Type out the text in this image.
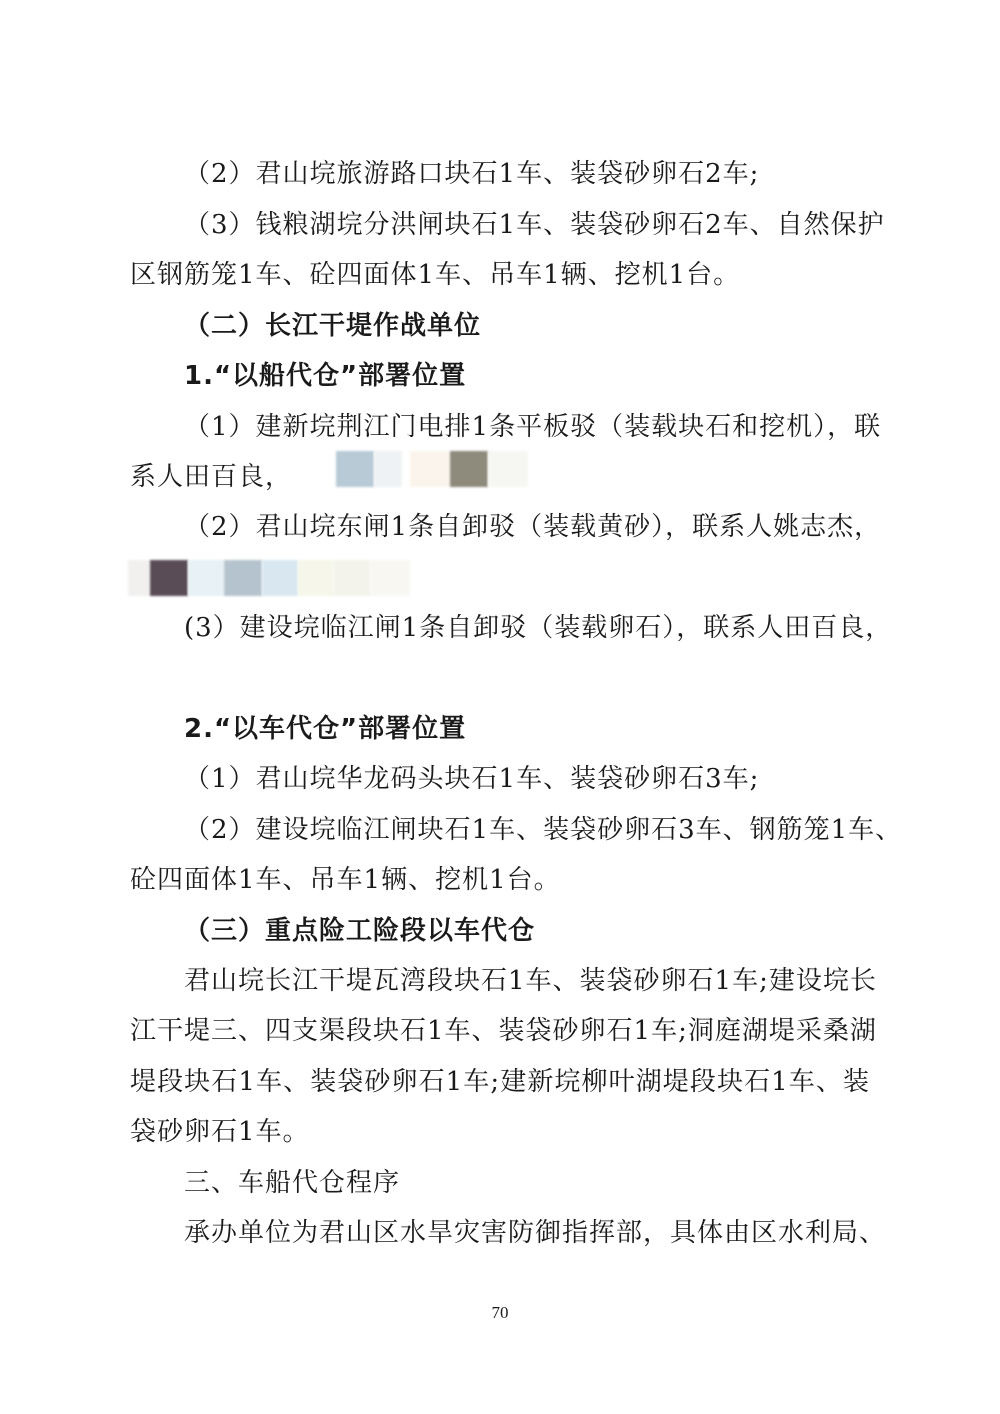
（2）君山垸旅游路口块石1车、装袋砂卵石2车;
（3）钱粮湖垸分洪闸块石1车、装袋砂卵石2车、自然保护
区钢筋笼1车、砼四面体1车、吊车1辆、挖机1台。
（二）长江干堤作战单位
1.“以船代仓”部署位置
（1）建新垸荆江门电排1条平板驳（装载块石和挖机），联
系人田百良，
（2）君山垸东闸1条自卸驳（装载黄砂），联系人姚志杰，
(3）建设垸临江闸1条自卸驳（装载卵石），联系人田百良，
2.“以车代仓”部署位置
（1）君山垸华龙码头块石1车、装袋砂卵石3车;
（2）建设垸临江闸块石1车、装袋砂卵石3车、钢筋笼1车、
砼四面体1车、吊车1辆、挖机1台。
（三）重点险工险段以车代仓
君山垸长江干堤瓦湾段块石1车、装袋砂卵石1车;建设垸长
江干堤三、四支渠段块石1车、装袋砂卵石1车;洞庭湖堤采桑湖
堤段块石1车、装袋砂卵石1车;建新垸柳叶湖堤段块石1车、装
袋砂卵石1车。
三、车船代仓程序
承办单位为君山区水旱灾害防御指挥部，具体由区水利局、
70
